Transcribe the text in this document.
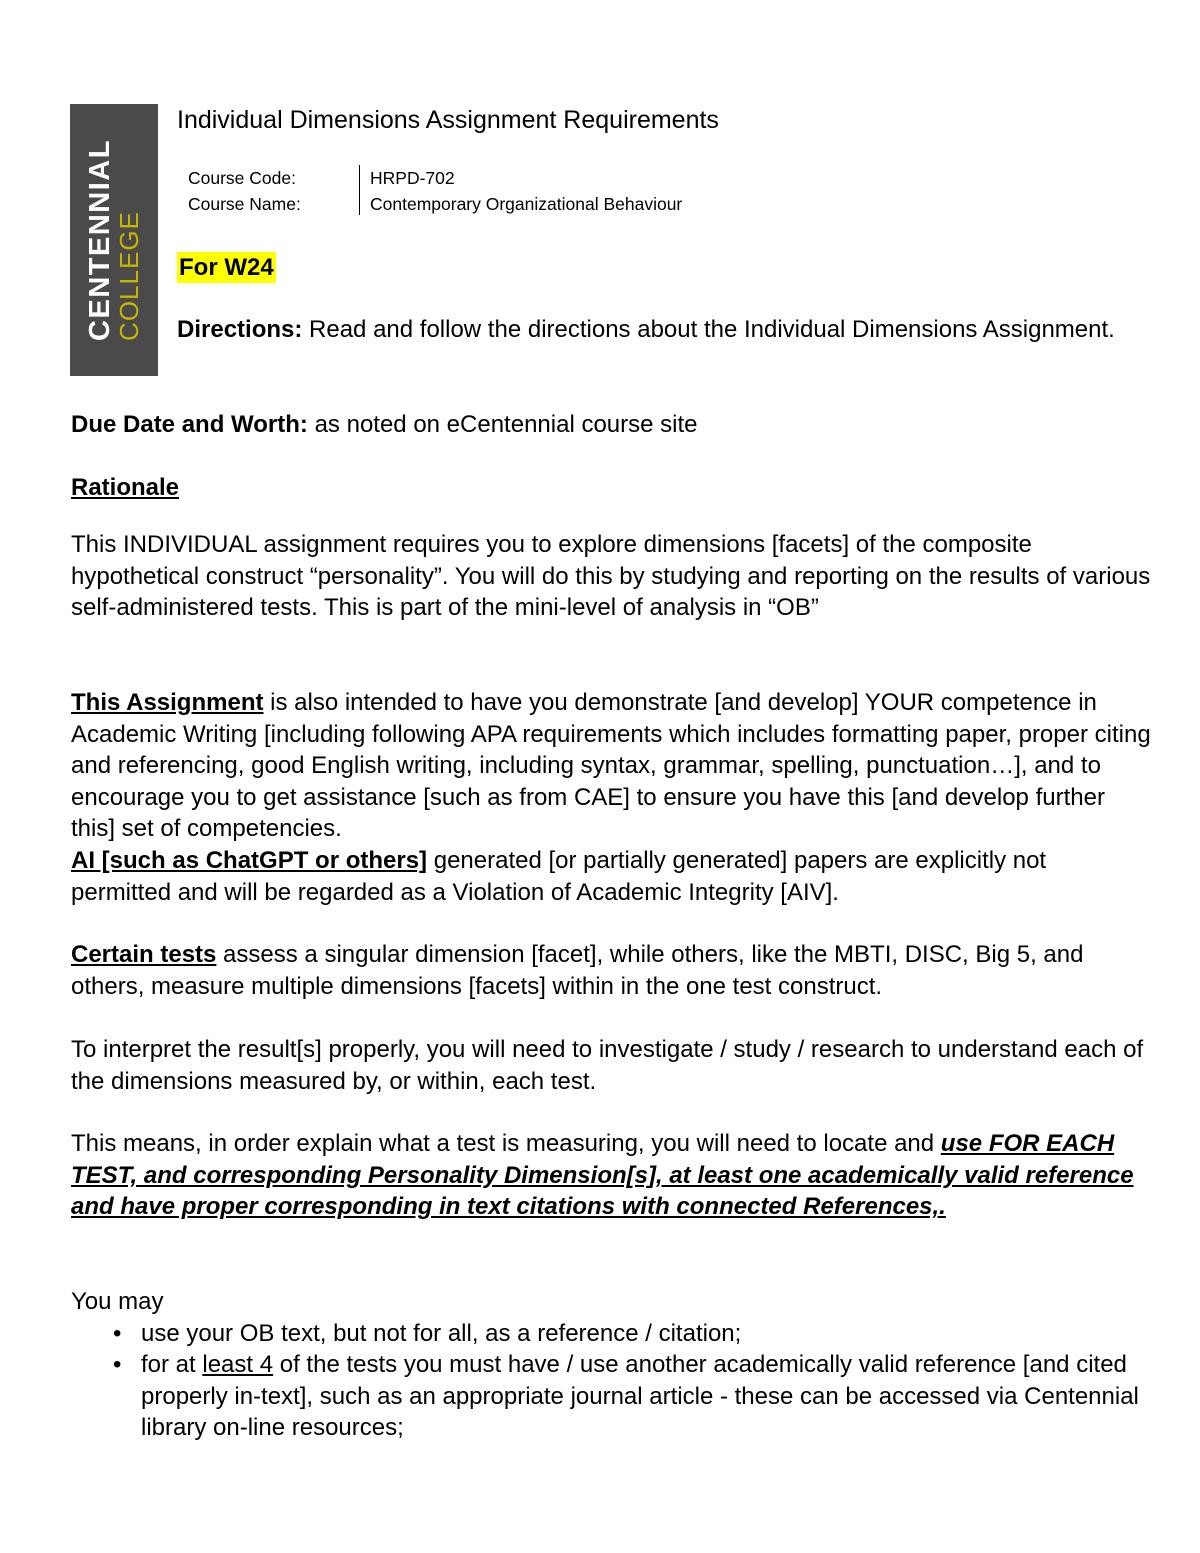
CENTENNIAL
COLLEGE
Individual Dimensions Assignment Requirements
Course Code:	HRPD-702
Course Name:	Contemporary Organizational Behaviour
For W24
Directions: Read and follow the directions about the Individual Dimensions Assignment.
Due Date and Worth: as noted on eCentennial course site
Rationale
This INDIVIDUAL assignment requires you to explore dimensions [facets] of the composite hypothetical construct “personality”. You will do this by studying and reporting on the results of various self-administered tests. This is part of the mini-level of analysis in “OB”
This Assignment is also intended to have you demonstrate [and develop] YOUR competence in Academic Writing [including following APA requirements which includes formatting paper, proper citing and referencing, good English writing, including syntax, grammar, spelling, punctuation…], and to encourage you to get assistance [such as from CAE] to ensure you have this [and develop further this] set of competencies.
AI [such as ChatGPT or others] generated [or partially generated] papers are explicitly not permitted and will be regarded as a Violation of Academic Integrity [AIV].
Certain tests assess a singular dimension [facet], while others, like the MBTI, DISC, Big 5, and others, measure multiple dimensions [facets] within in the one test construct.
To interpret the result[s] properly, you will need to investigate / study / research to understand each of the dimensions measured by, or within, each test.
This means, in order explain what a test is measuring, you will need to locate and use FOR EACH TEST, and corresponding Personality Dimension[s], at least one academically valid reference and have proper corresponding in text citations with connected References,.
You may
• use your OB text, but not for all, as a reference / citation;
• for at least 4 of the tests you must have / use another academically valid reference [and cited properly in-text], such as an appropriate journal article - these can be accessed via Centennial library on-line resources;
